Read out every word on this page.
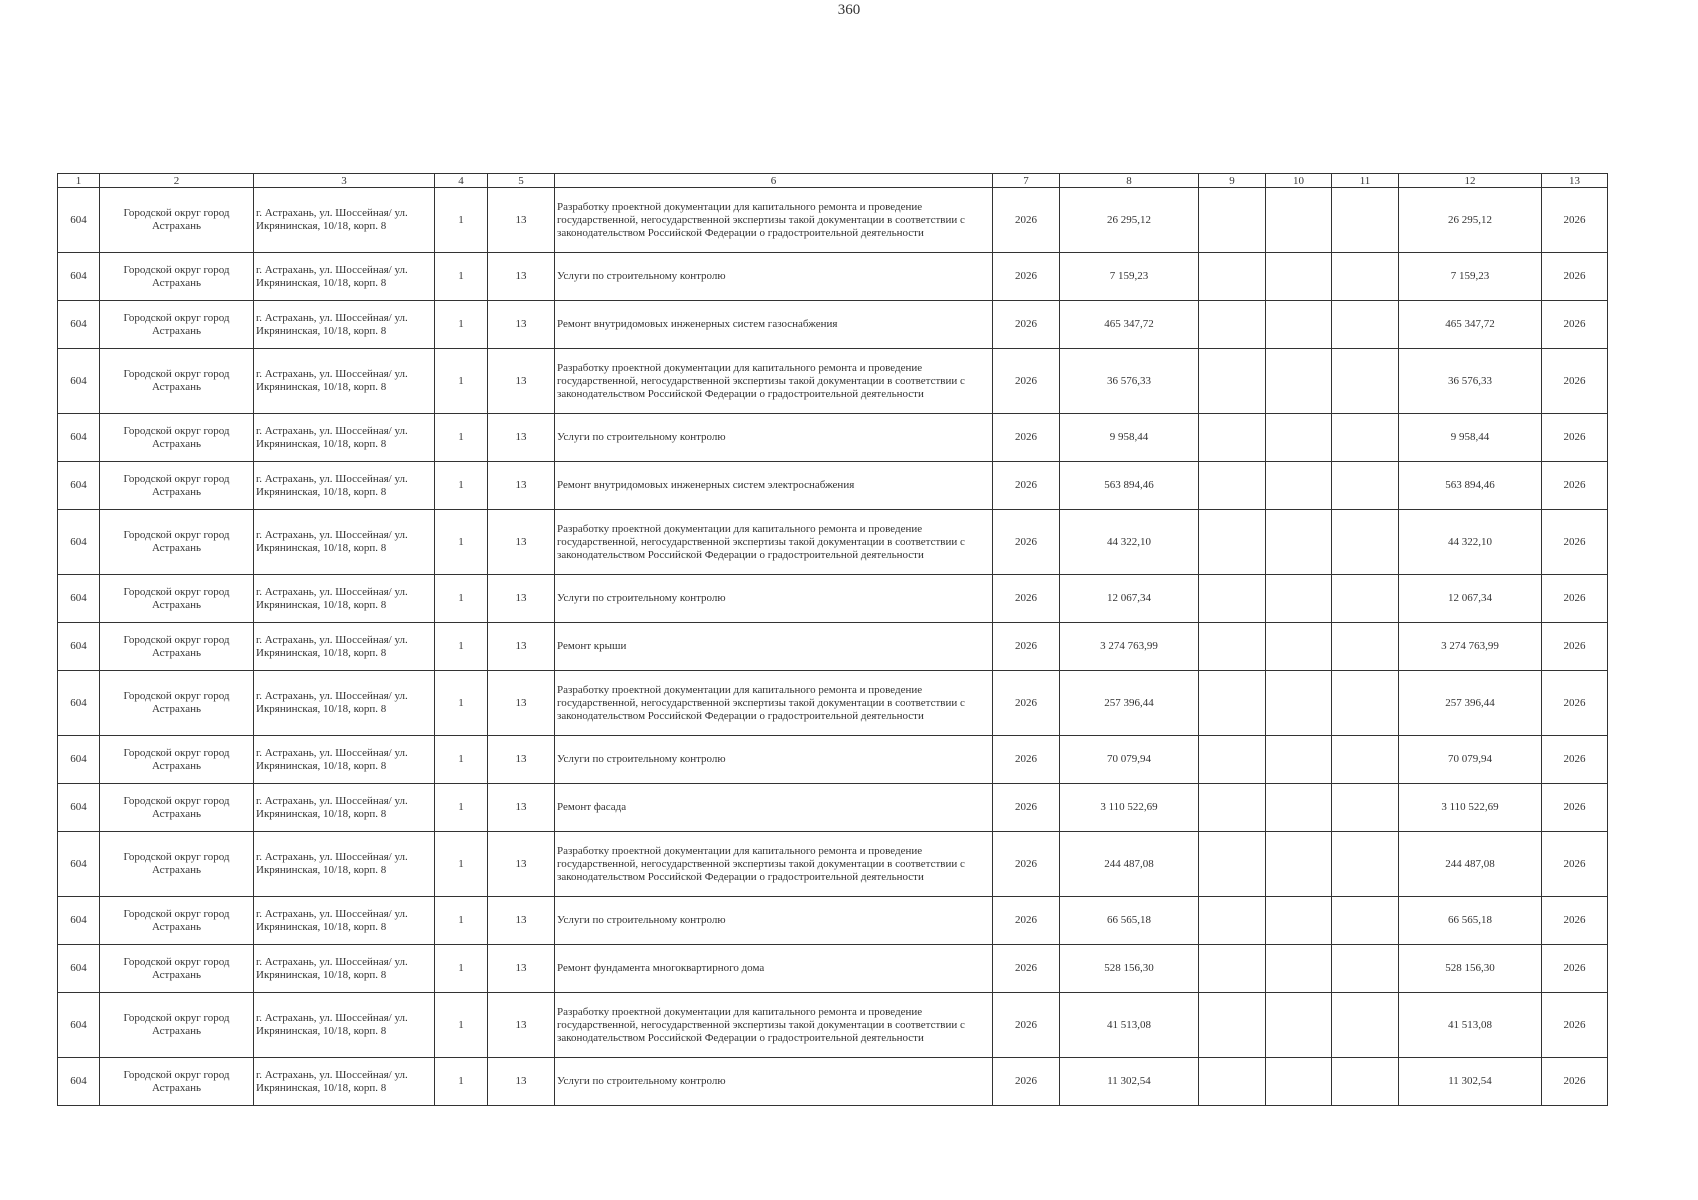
360
1	2	3	4	5	6	7	8	9	10	11	12	13
604	Городской округ город Астрахань	г. Астрахань, ул. Шоссейная/ ул. Икрянинская, 10/18, корп. 8	1	13	Разработку проектной документации для капитального ремонта и проведение государственной, негосударственной экспертизы такой документации в соответствии с законодательством Российской Федерации о градостроительной деятельности	2026	26 295,12				26 295,12	2026
604	Городской округ город Астрахань	г. Астрахань, ул. Шоссейная/ ул. Икрянинская, 10/18, корп. 8	1	13	Услуги по строительному контролю	2026	7 159,23				7 159,23	2026
604	Городской округ город Астрахань	г. Астрахань, ул. Шоссейная/ ул. Икрянинская, 10/18, корп. 8	1	13	Ремонт внутридомовых инженерных систем газоснабжения	2026	465 347,72				465 347,72	2026
604	Городской округ город Астрахань	г. Астрахань, ул. Шоссейная/ ул. Икрянинская, 10/18, корп. 8	1	13	Разработку проектной документации для капитального ремонта и проведение государственной, негосударственной экспертизы такой документации в соответствии с законодательством Российской Федерации о градостроительной деятельности	2026	36 576,33				36 576,33	2026
604	Городской округ город Астрахань	г. Астрахань, ул. Шоссейная/ ул. Икрянинская, 10/18, корп. 8	1	13	Услуги по строительному контролю	2026	9 958,44				9 958,44	2026
604	Городской округ город Астрахань	г. Астрахань, ул. Шоссейная/ ул. Икрянинская, 10/18, корп. 8	1	13	Ремонт внутридомовых инженерных систем электроснабжения	2026	563 894,46				563 894,46	2026
604	Городской округ город Астрахань	г. Астрахань, ул. Шоссейная/ ул. Икрянинская, 10/18, корп. 8	1	13	Разработку проектной документации для капитального ремонта и проведение государственной, негосударственной экспертизы такой документации в соответствии с законодательством Российской Федерации о градостроительной деятельности	2026	44 322,10				44 322,10	2026
604	Городской округ город Астрахань	г. Астрахань, ул. Шоссейная/ ул. Икрянинская, 10/18, корп. 8	1	13	Услуги по строительному контролю	2026	12 067,34				12 067,34	2026
604	Городской округ город Астрахань	г. Астрахань, ул. Шоссейная/ ул. Икрянинская, 10/18, корп. 8	1	13	Ремонт крыши	2026	3 274 763,99				3 274 763,99	2026
604	Городской округ город Астрахань	г. Астрахань, ул. Шоссейная/ ул. Икрянинская, 10/18, корп. 8	1	13	Разработку проектной документации для капитального ремонта и проведение государственной, негосударственной экспертизы такой документации в соответствии с законодательством Российской Федерации о градостроительной деятельности	2026	257 396,44				257 396,44	2026
604	Городской округ город Астрахань	г. Астрахань, ул. Шоссейная/ ул. Икрянинская, 10/18, корп. 8	1	13	Услуги по строительному контролю	2026	70 079,94				70 079,94	2026
604	Городской округ город Астрахань	г. Астрахань, ул. Шоссейная/ ул. Икрянинская, 10/18, корп. 8	1	13	Ремонт фасада	2026	3 110 522,69				3 110 522,69	2026
604	Городской округ город Астрахань	г. Астрахань, ул. Шоссейная/ ул. Икрянинская, 10/18, корп. 8	1	13	Разработку проектной документации для капитального ремонта и проведение государственной, негосударственной экспертизы такой документации в соответствии с законодательством Российской Федерации о градостроительной деятельности	2026	244 487,08				244 487,08	2026
604	Городской округ город Астрахань	г. Астрахань, ул. Шоссейная/ ул. Икрянинская, 10/18, корп. 8	1	13	Услуги по строительному контролю	2026	66 565,18				66 565,18	2026
604	Городской округ город Астрахань	г. Астрахань, ул. Шоссейная/ ул. Икрянинская, 10/18, корп. 8	1	13	Ремонт фундамента многоквартирного дома	2026	528 156,30				528 156,30	2026
604	Городской округ город Астрахань	г. Астрахань, ул. Шоссейная/ ул. Икрянинская, 10/18, корп. 8	1	13	Разработку проектной документации для капитального ремонта и проведение государственной, негосударственной экспертизы такой документации в соответствии с законодательством Российской Федерации о градостроительной деятельности	2026	41 513,08				41 513,08	2026
604	Городской округ город Астрахань	г. Астрахань, ул. Шоссейная/ ул. Икрянинская, 10/18, корп. 8	1	13	Услуги по строительному контролю	2026	11 302,54				11 302,54	2026
